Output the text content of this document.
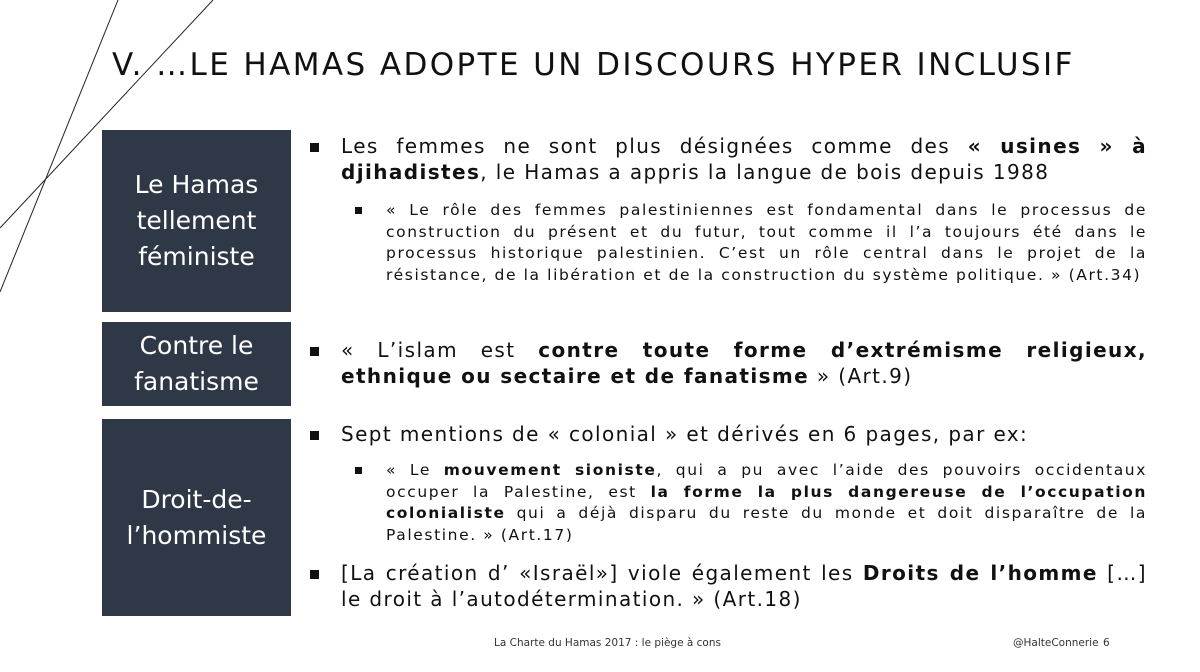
V. …LE HAMAS ADOPTE UN DISCOURS HYPER INCLUSIF
Le Hamas
tellement
féministe
Les femmes ne sont plus désignées comme des « usines » à djihadistes, le Hamas a appris la langue de bois depuis 1988
« Le rôle des femmes palestiniennes est fondamental dans le processus de construction du présent et du futur, tout comme il l’a toujours été dans le processus historique palestinien. C’est un rôle central dans le projet de la résistance, de la libération et de la construction du système politique. » (Art.34)
Contre le
fanatisme
« L’islam est contre toute forme d’extrémisme religieux, ethnique ou sectaire et de fanatisme » (Art.9)
Droit-de-
l’hommiste
Sept mentions de « colonial » et dérivés en 6 pages, par ex:
« Le mouvement sioniste, qui a pu avec l’aide des pouvoirs occidentaux occuper la Palestine, est la forme la plus dangereuse de l’occupation colonialiste qui a déjà disparu du reste du monde et doit disparaître de la Palestine. » (Art.17)
[La création d’ «Israël»] viole également les Droits de l’homme […] le droit à l’autodétermination. » (Art.18)
La Charte du Hamas 2017 : le piège à cons	@HalteConnerie 6
